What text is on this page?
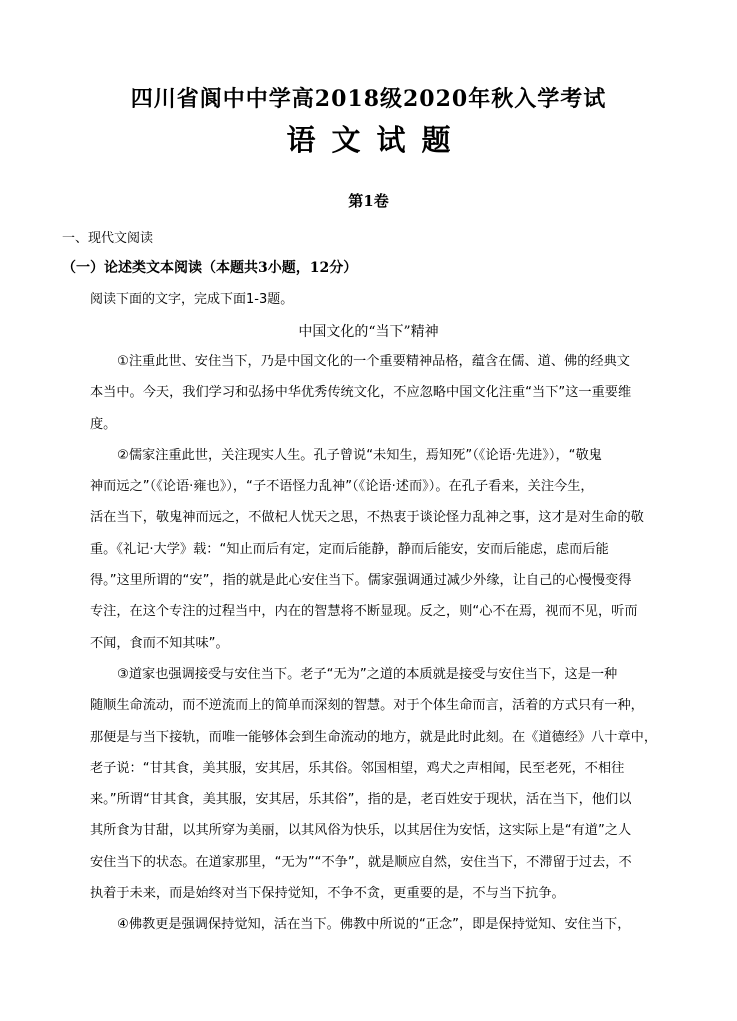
四川省阆中中学高2018级2020年秋入学考试
语文试题
第1卷
一、现代文阅读
（一）论述类文本阅读（本题共3小题，12分）
阅读下面的文字，完成下面1-3题。
中国文化的“当下”精神
①注重此世、安住当下，乃是中国文化的一个重要精神品格，蕴含在儒、道、佛的经典文
本当中。今天，我们学习和弘扬中华优秀传统文化，不应忽略中国文化注重“当下”这一重要维
度。
②儒家注重此世，关注现实人生。孔子曾说“未知生，焉知死”（《论语·先进》），“敬鬼
神而远之”（《论语·雍也》），“子不语怪力乱神”（《论语·述而》）。在孔子看来，关注今生，
活在当下，敬鬼神而远之，不做杞人忧天之思，不热衷于谈论怪力乱神之事，这才是对生命的敬
重。《礼记·大学》载：“知止而后有定，定而后能静，静而后能安，安而后能虑，虑而后能
得。”这里所谓的“安”，指的就是此心安住当下。儒家强调通过减少外缘，让自己的心慢慢变得
专注，在这个专注的过程当中，内在的智慧将不断显现。反之，则“心不在焉，视而不见，听而
不闻，食而不知其味”。
③道家也强调接受与安住当下。老子“无为”之道的本质就是接受与安住当下，这是一种
随顺生命流动，而不逆流而上的简单而深刻的智慧。对于个体生命而言，活着的方式只有一种，
那便是与当下接轨，而唯一能够体会到生命流动的地方，就是此时此刻。在《道德经》八十章中，
老子说：“甘其食，美其服，安其居，乐其俗。邻国相望，鸡犬之声相闻，民至老死，不相往
来。”所谓“甘其食，美其服，安其居，乐其俗”，指的是，老百姓安于现状，活在当下，他们以
其所食为甘甜，以其所穿为美丽，以其风俗为快乐，以其居住为安恬，这实际上是“有道”之人
安住当下的状态。在道家那里，“无为”“不争”，就是顺应自然，安住当下，不滞留于过去，不
执着于未来，而是始终对当下保持觉知，不争不贪，更重要的是，不与当下抗争。
④佛教更是强调保持觉知，活在当下。佛教中所说的“正念”，即是保持觉知、安住当下，
